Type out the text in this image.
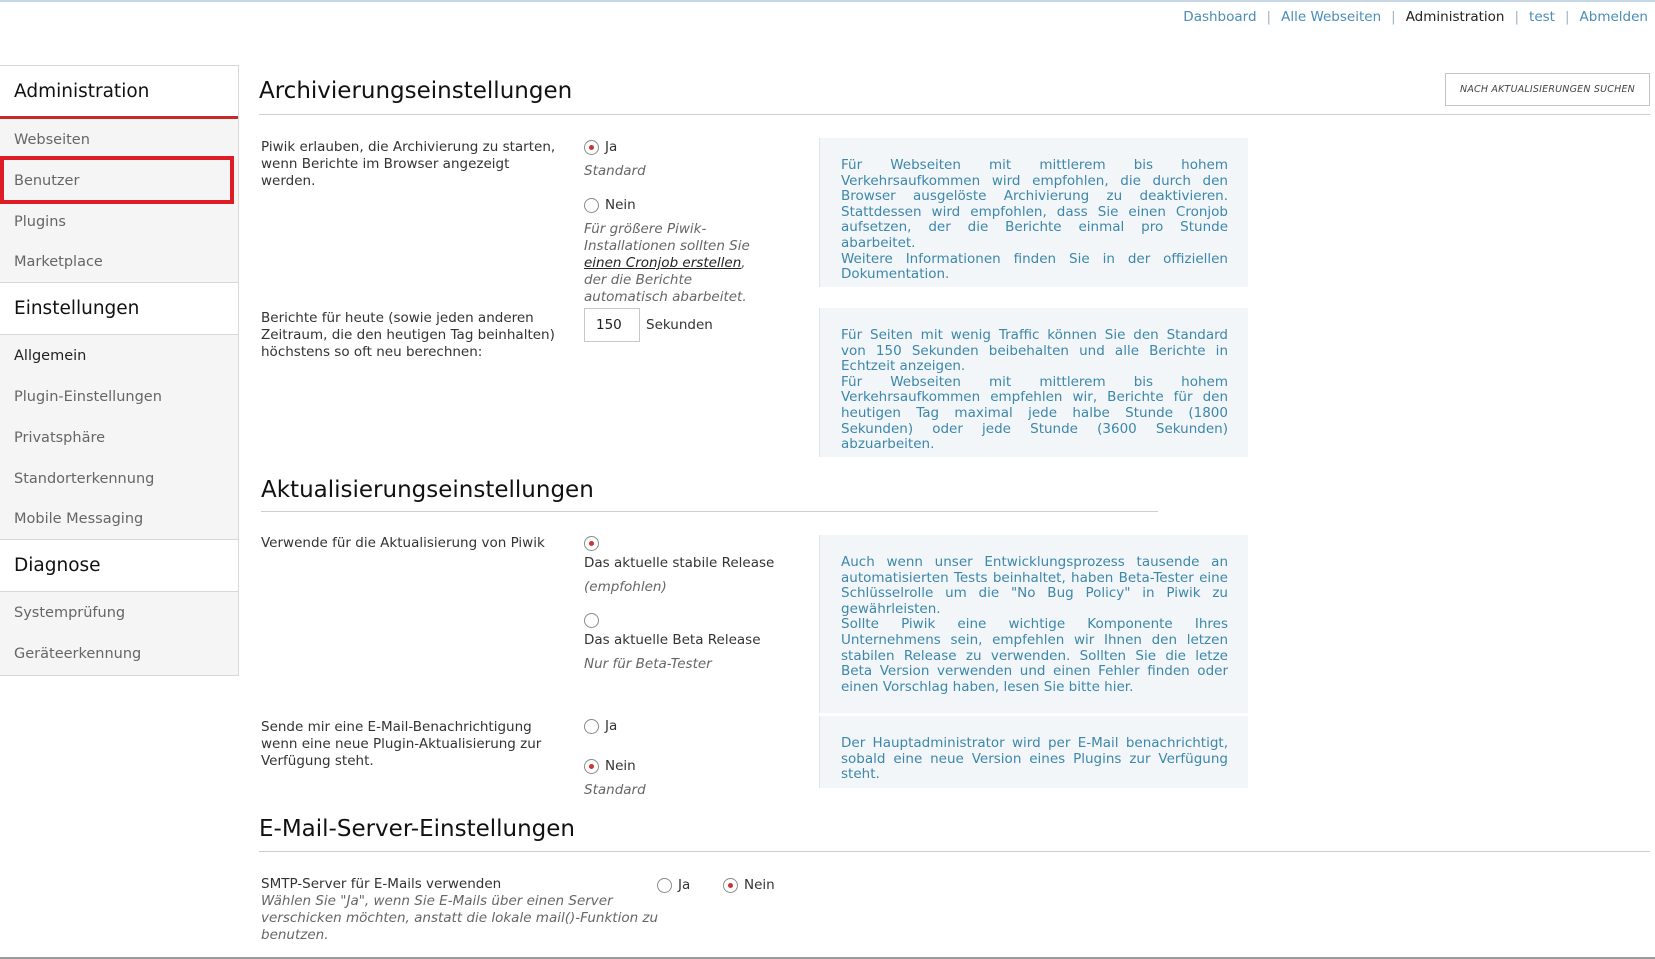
Dashboard | Alle Webseiten | Administration | test | Abmelden
Administration
Webseiten
Benutzer
Plugins
Marketplace
Einstellungen
Allgemein
Plugin-Einstellungen
Privatsphäre
Standorterkennung
Mobile Messaging
Diagnose
Systemprüfung
Geräteerkennung
NACH AKTUALISIERUNGEN SUCHEN
Archivierungseinstellungen
Piwik erlauben, die Archivierung zu starten, wenn Berichte im Browser angezeigt werden.
Ja
Standard
Nein
Für größere Piwik-Installationen sollten Sie einen Cronjob erstellen, der die Berichte automatisch abarbeitet.

Für Webseiten mit mittlerem bis hohem Verkehrsaufkommen wird empfohlen, die durch den Browser ausgelöste Archivierung zu deaktivieren. Stattdessen wird empfohlen, dass Sie einen Cronjob aufsetzen, der die Berichte einmal pro Stunde abarbeitet.

Weitere Informationen finden Sie in der offiziellen Dokumentation.

Berichte für heute (sowie jeden anderen Zeitraum, die den heutigen Tag beinhalten) höchstens so oft neu berechnen:
150
Sekunden

Für Seiten mit wenig Traffic können Sie den Standard von 150 Sekunden beibehalten und alle Berichte in Echtzeit anzeigen.

Für Webseiten mit mittlerem bis hohem Verkehrsaufkommen empfehlen wir, Berichte für den heutigen Tag maximal jede halbe Stunde (1800 Sekunden) oder jede Stunde (3600 Sekunden) abzuarbeiten.

Aktualisierungseinstellungen
Verwende für die Aktualisierung von Piwik
Das aktuelle stabile Release
(empfohlen)
Das aktuelle Beta Release
Nur für Beta-Tester

Auch wenn unser Entwicklungsprozess tausende an automatisierten Tests beinhaltet, haben Beta-Tester eine Schlüsselrolle um die "No Bug Policy" in Piwik zu gewährleisten.

Sollte Piwik eine wichtige Komponente Ihres Unternehmens sein, empfehlen wir Ihnen den letzen stabilen Release zu verwenden. Sollten Sie die letze Beta Version verwenden und einen Fehler finden oder einen Vorschlag haben, lesen Sie bitte hier.

Sende mir eine E-Mail-Benachrichtigung wenn eine neue Plugin-Aktualisierung zur Verfügung steht.
Ja
Nein
Standard

Der Hauptadministrator wird per E-Mail benachrichtigt, sobald eine neue Version eines Plugins zur Verfügung steht.

E-Mail-Server-Einstellungen
SMTP-Server für E-Mails verwenden
Wählen Sie "Ja", wenn Sie E-Mails über einen Server verschicken möchten, anstatt die lokale mail()-Funktion zu benutzen.
Ja	Nein
